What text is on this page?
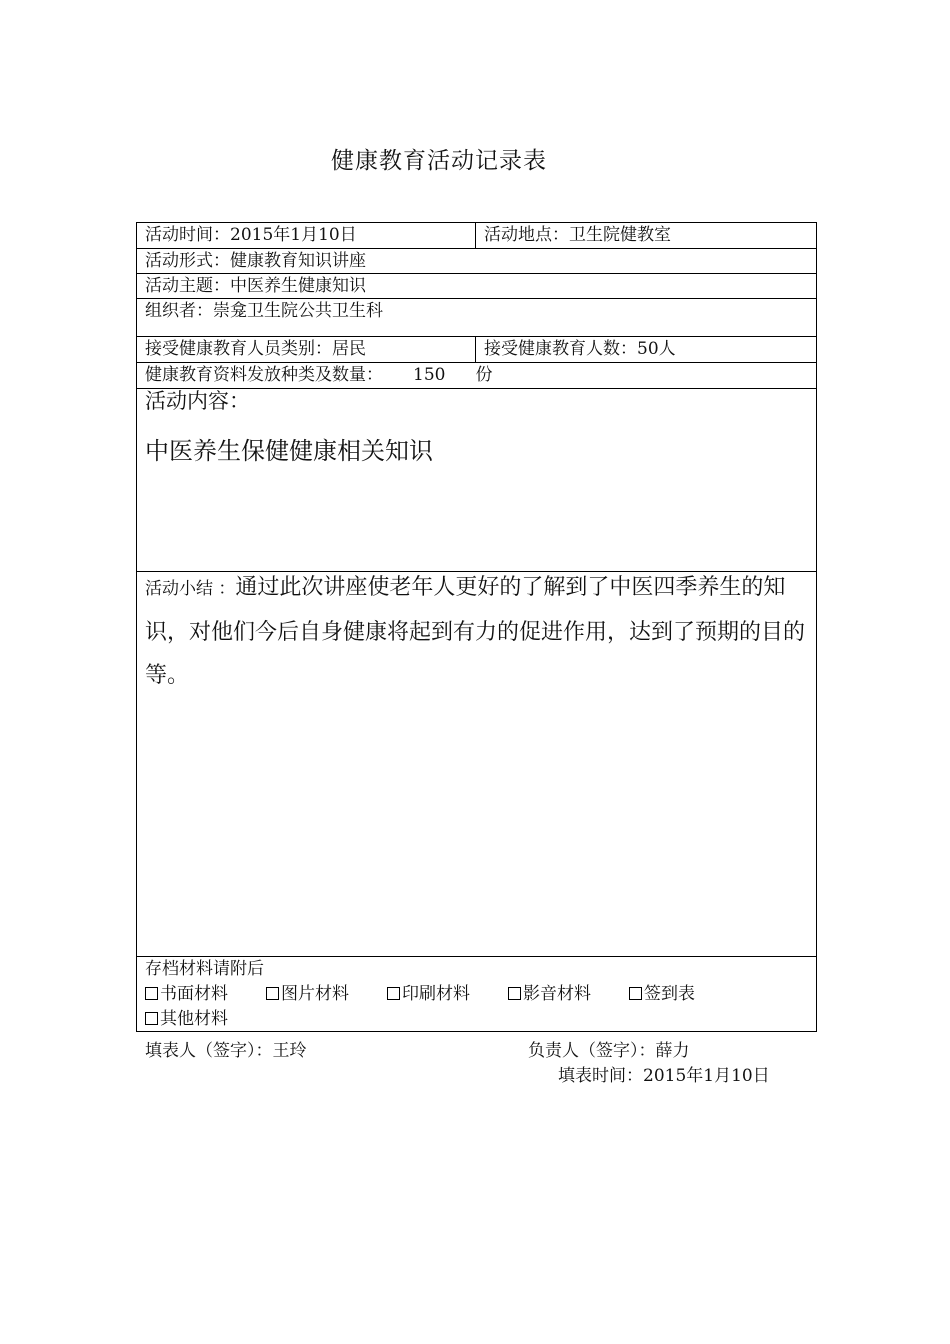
健康教育活动记录表
活动时间：2015年1月10日	活动地点：卫生院健教室
活动形式：健康教育知识讲座
活动主题：中医养生健康知识
组织者：崇龛卫生院公共卫生科
接受健康教育人员类别：居民	接受健康教育人数：50人
健康教育资料发放种类及数量： 150 份
活动内容：
中医养生保健健康相关知识
活动小结 ：通过此次讲座使老年人更好的了解到了中医四季养生的知识，对他们今后自身健康将起到有力的促进作用，达到了预期的目的等。
存档材料请附后
书面材料	图片材料	印刷材料	影音材料	签到表
其他材料
填表人（签字）：王玲	负责人（签字）：薛力
填表时间：2015年1月10日
